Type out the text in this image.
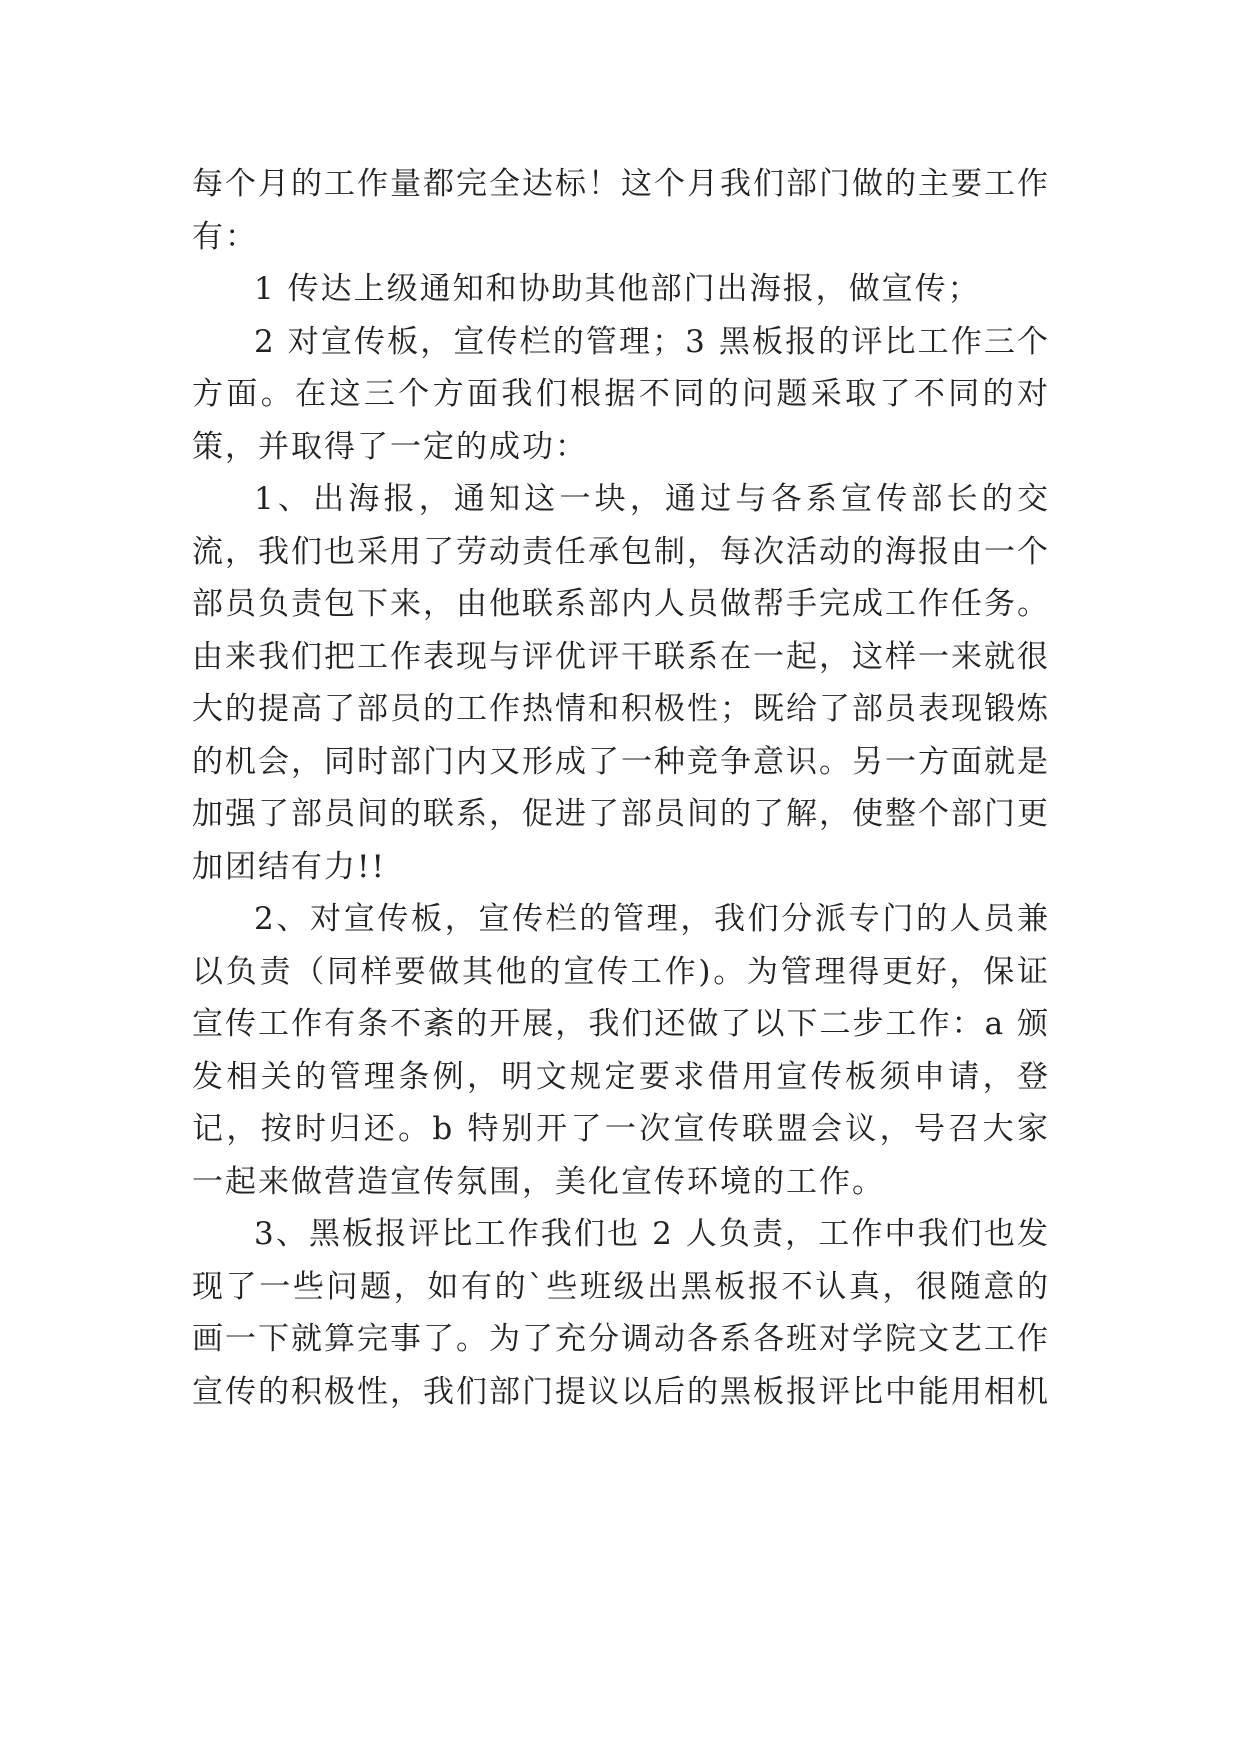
每个月的工作量都完全达标！这个月我们部门做的主要工作有：

1 传达上级通知和协助其他部门出海报，做宣传；

2 对宣传板，宣传栏的管理；3 黑板报的评比工作三个方面。在这三个方面我们根据不同的问题采取了不同的对策，并取得了一定的成功：

1、出海报，通知这一块，通过与各系宣传部长的交流，我们也采用了劳动责任承包制，每次活动的海报由一个部员负责包下来，由他联系部内人员做帮手完成工作任务。由来我们把工作表现与评优评干联系在一起，这样一来就很大的提高了部员的工作热情和积极性；既给了部员表现锻炼的机会，同时部门内又形成了一种竞争意识。另一方面就是加强了部员间的联系，促进了部员间的了解，使整个部门更加团结有力!!

2、对宣传板，宣传栏的管理，我们分派专门的人员兼以负责（同样要做其他的宣传工作)。为管理得更好，保证宣传工作有条不紊的开展，我们还做了以下二步工作：a 颁发相关的管理条例，明文规定要求借用宣传板须申请，登记，按时归还。b 特别开了一次宣传联盟会议，号召大家一起来做营造宣传氛围，美化宣传环境的工作。

3、黑板报评比工作我们也 2 人负责，工作中我们也发现了一些问题，如有的`些班级出黑板报不认真，很随意的画一下就算完事了。为了充分调动各系各班对学院文艺工作宣传的积极性，我们部门提议以后的黑板报评比中能用相机
